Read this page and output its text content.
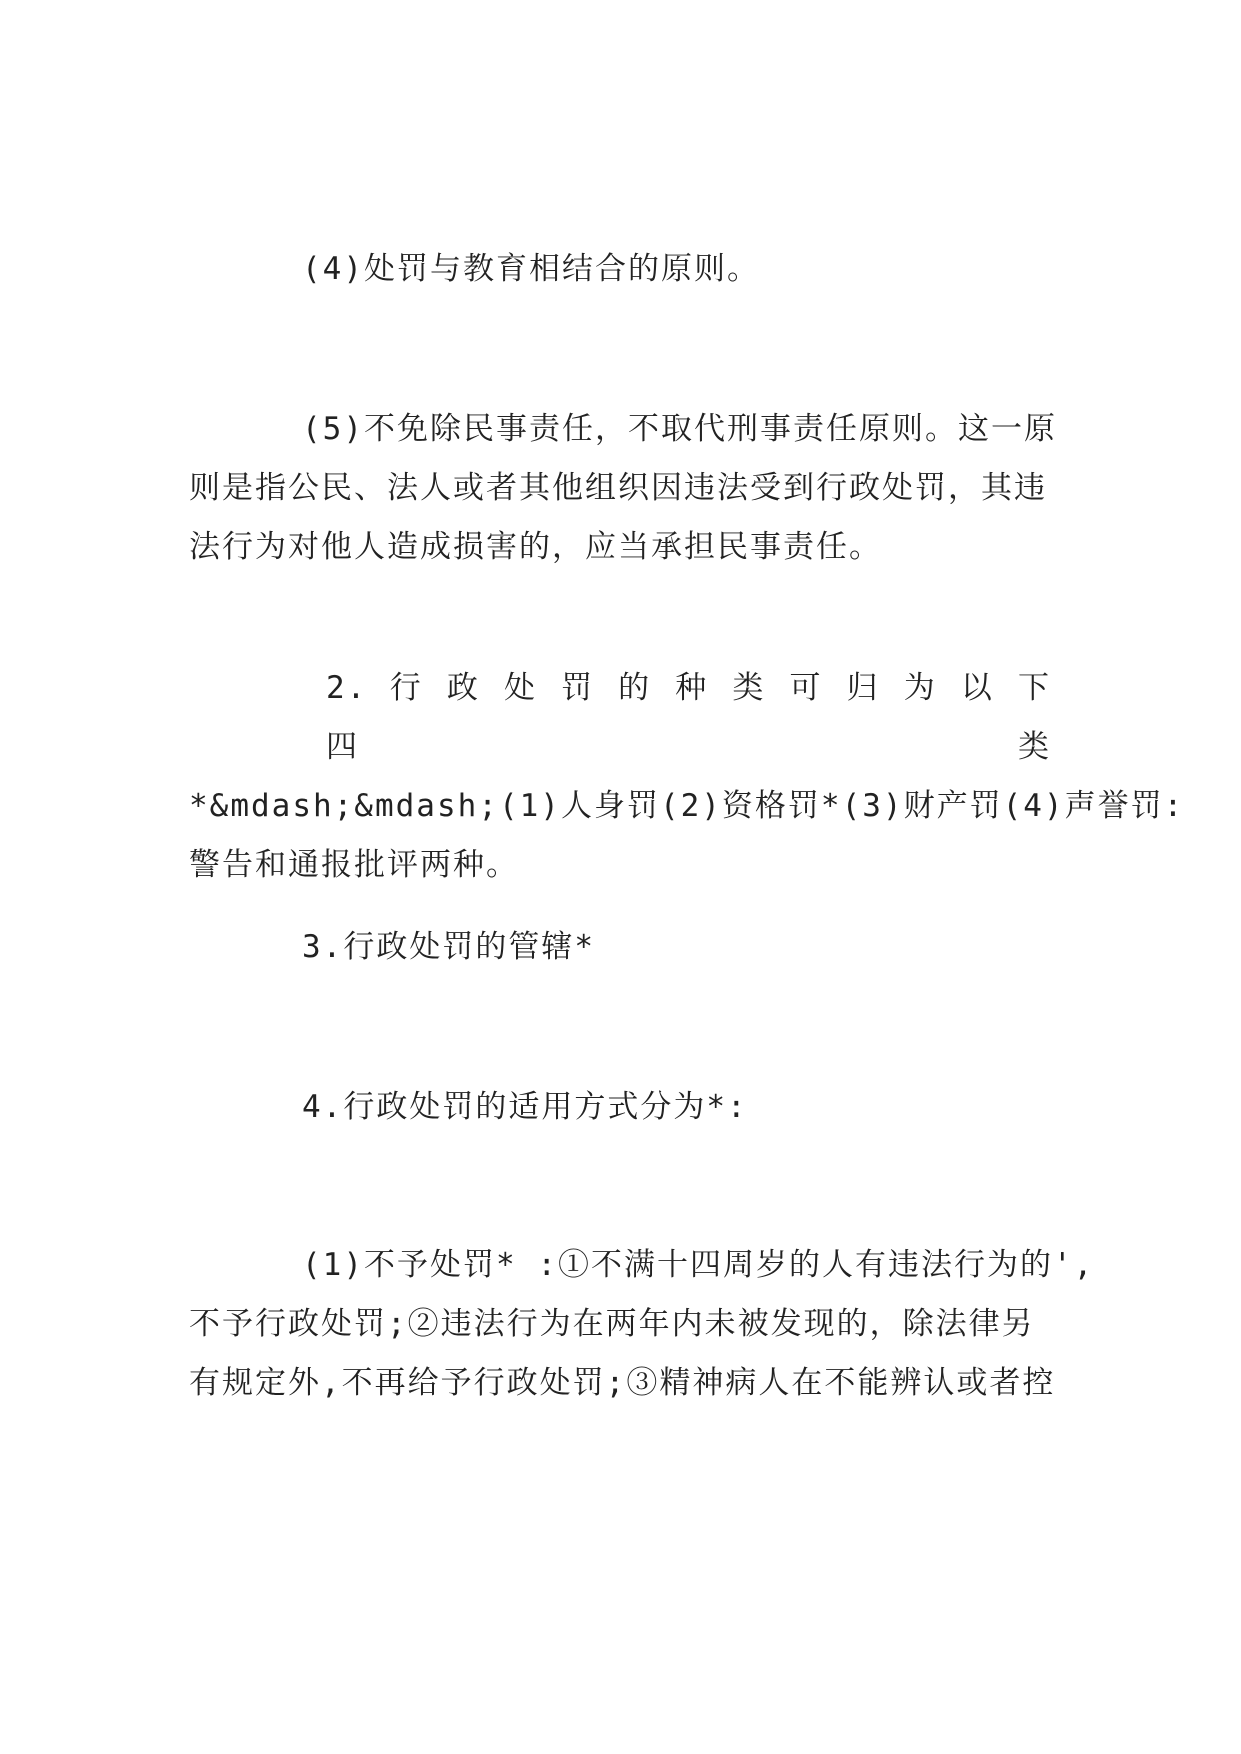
(4)处罚与教育相结合的原则。
(5)不免除民事责任，不取代刑事责任原则。这一原
则是指公民、法人或者其他组织因违法受到行政处罚，其违
法行为对他人造成损害的，应当承担民事责任。
2. 行 政 处 罚 的 种 类 可 归 为 以 下 四 类
*&mdash;&mdash;(1)人身罚(2)资格罚*(3)财产罚(4)声誉罚:
警告和通报批评两种。
3.行政处罚的管辖*
4.行政处罚的适用方式分为*:
(1)不予处罚* :①不满十四周岁的人有违法行为的',
不予行政处罚;②违法行为在两年内未被发现的，除法律另
有规定外,不再给予行政处罚;③精神病人在不能辨认或者控
